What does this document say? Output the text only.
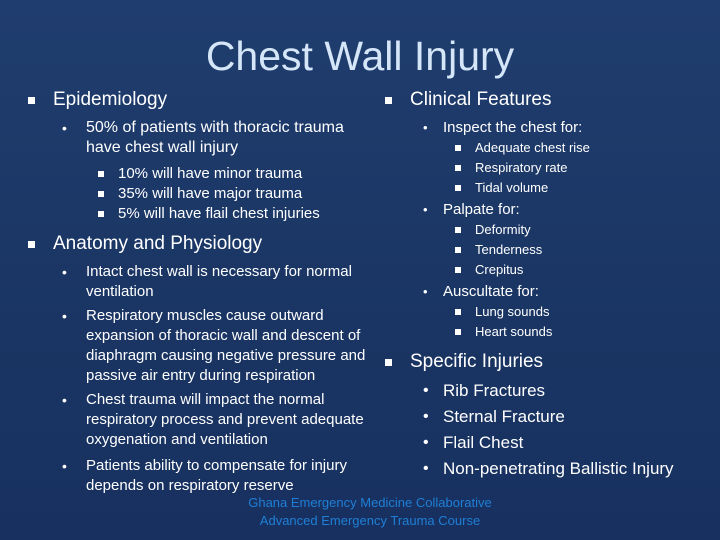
Chest Wall Injury
Epidemiology
• 50% of patients with thoracic trauma have chest wall injury
10% will have minor trauma
35% will have major trauma
5% will have flail chest injuries
Anatomy and Physiology
• Intact chest wall is necessary for normal ventilation
• Respiratory muscles cause outward expansion of thoracic wall and descent of diaphragm causing negative pressure and passive air entry during respiration
• Chest trauma will impact the normal respiratory process and prevent adequate oxygenation and ventilation
• Patients ability to compensate for injury depends on respiratory reserve
Clinical Features
• Inspect the chest for:
Adequate chest rise
Respiratory rate
Tidal volume
• Palpate for:
Deformity
Tenderness
Crepitus
• Auscultate for:
Lung sounds
Heart sounds
Specific Injuries
• Rib Fractures
• Sternal Fracture
• Flail Chest
• Non-penetrating Ballistic Injury
Ghana Emergency Medicine Collaborative
Advanced Emergency Trauma Course
